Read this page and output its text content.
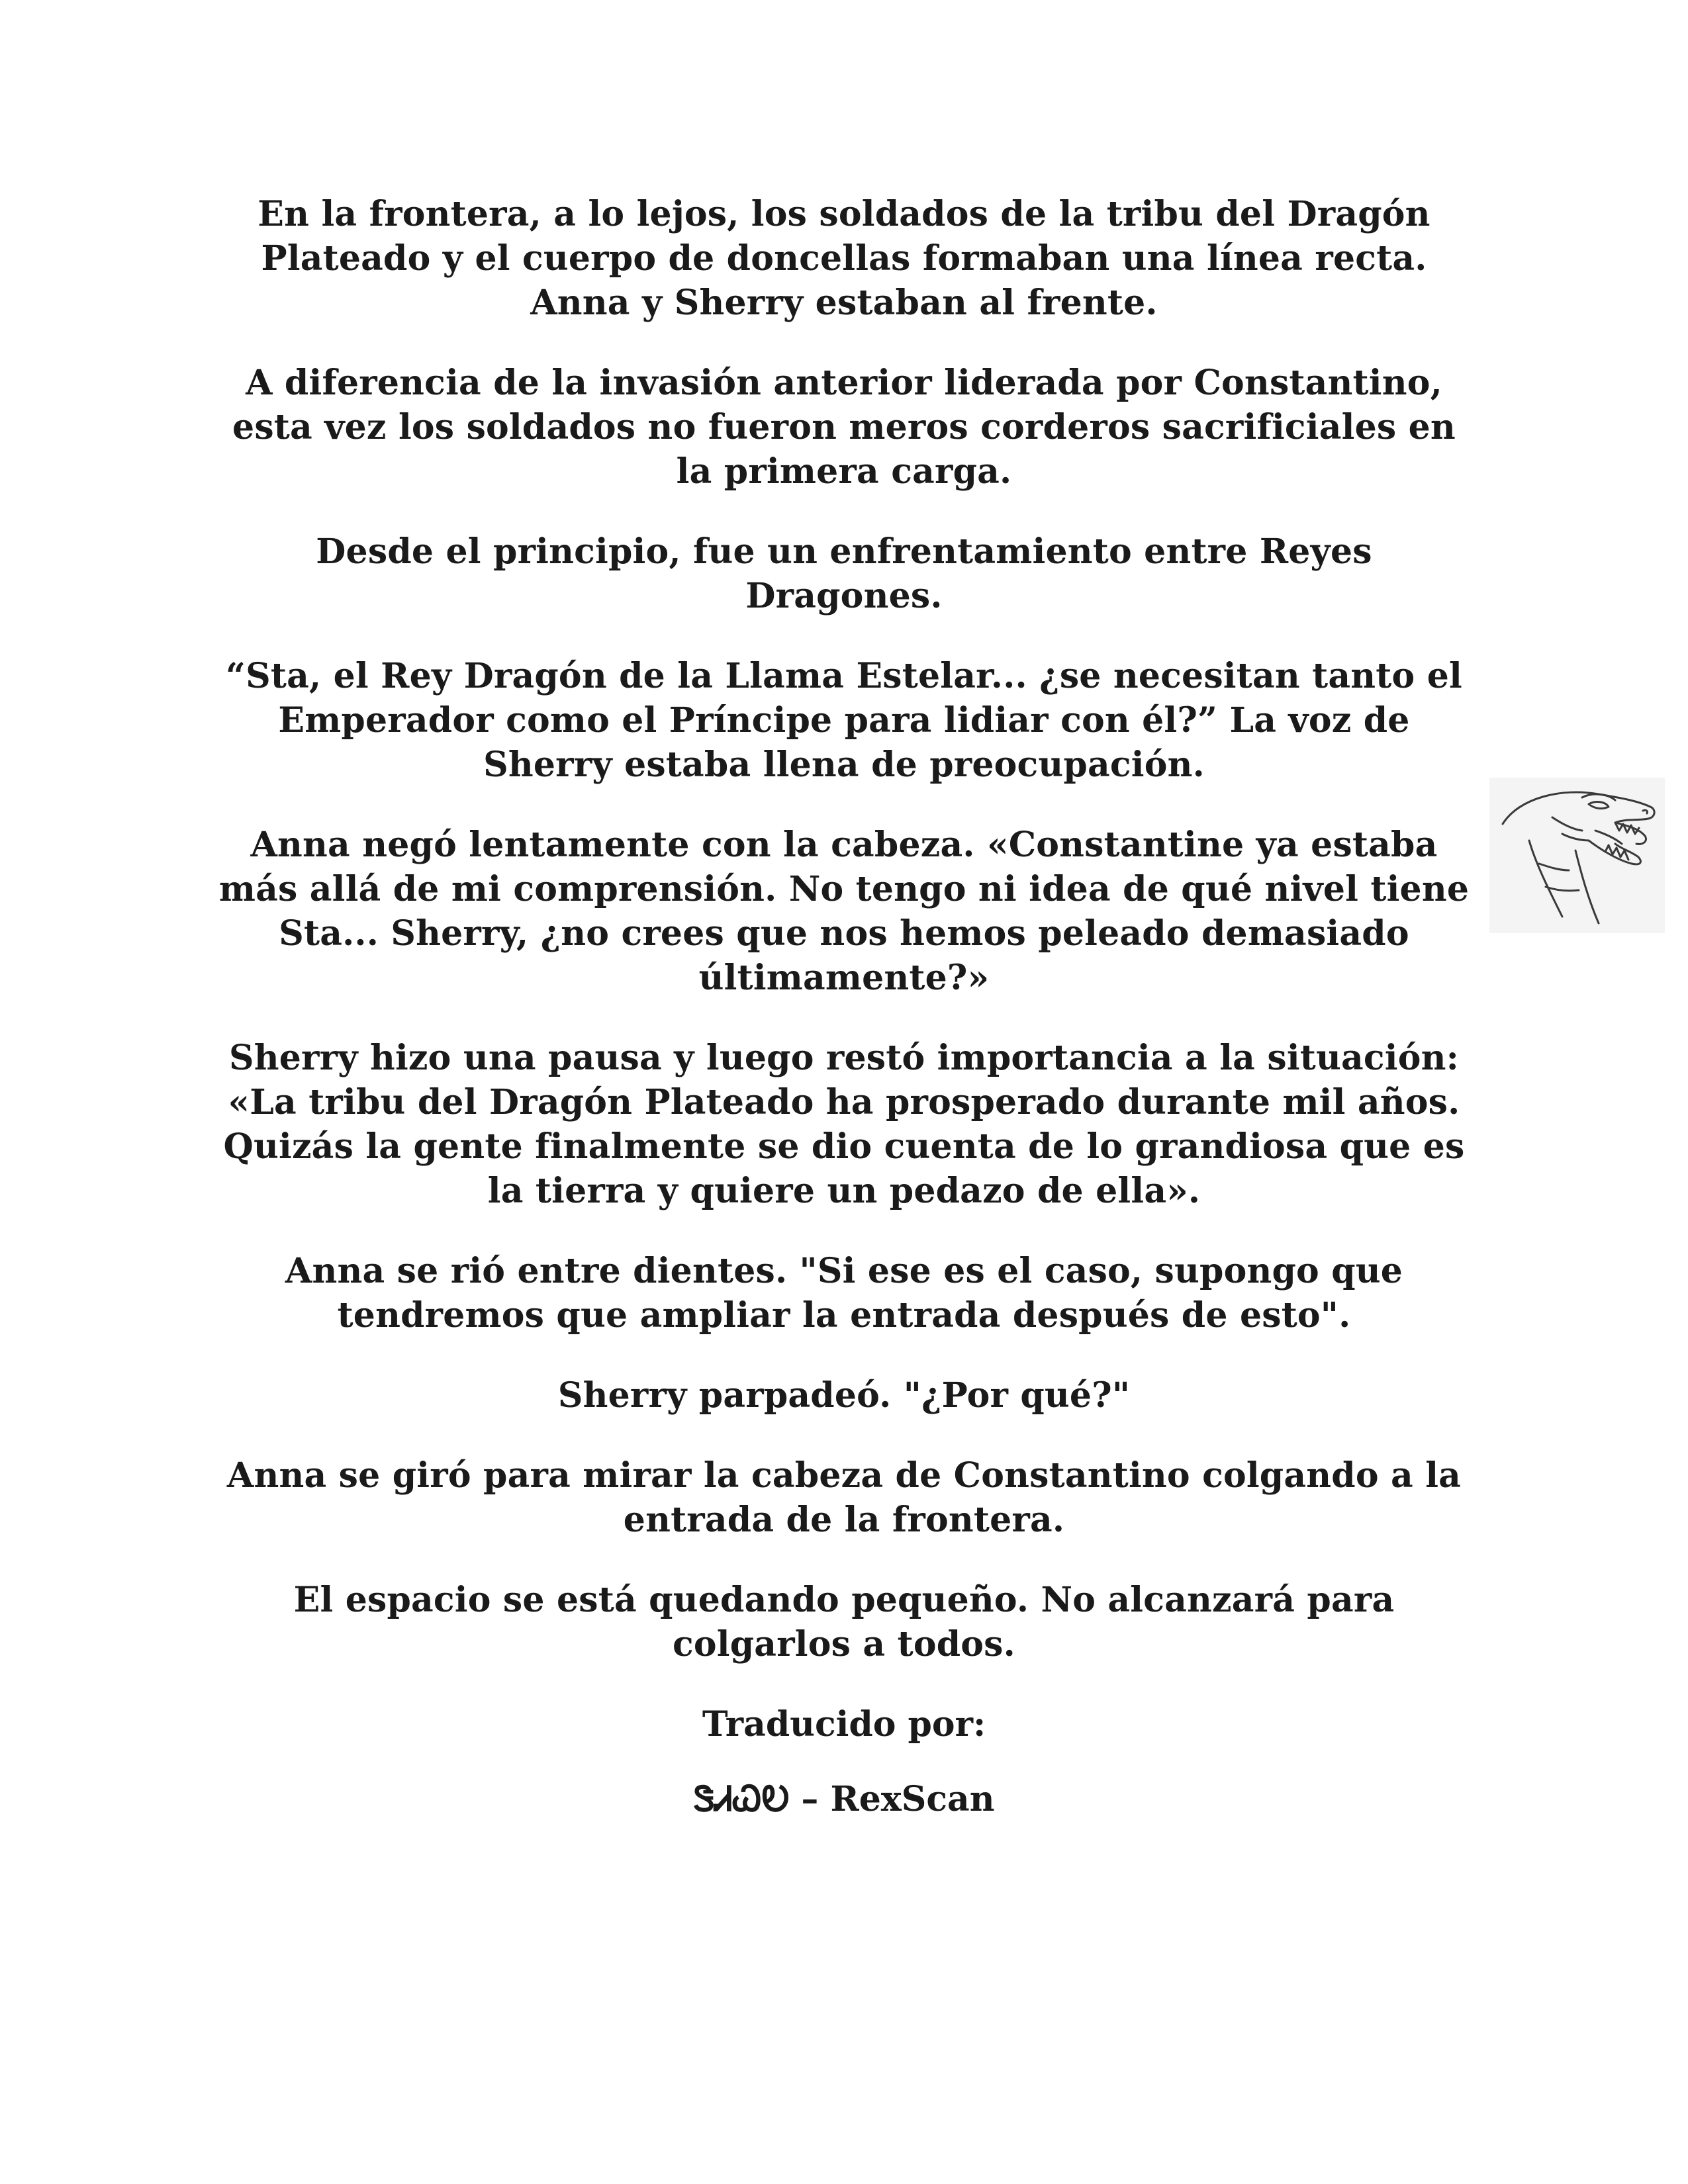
En la frontera, a lo lejos, los soldados de la tribu del Dragón Plateado y el cuerpo de doncellas formaban una línea recta. Anna y Sherry estaban al frente.

A diferencia de la invasión anterior liderada por Constantino, esta vez los soldados no fueron meros corderos sacrificiales en la primera carga.

Desde el principio, fue un enfrentamiento entre Reyes Dragones.

“Sta, el Rey Dragón de la Llama Estelar... ¿se necesitan tanto el Emperador como el Príncipe para lidiar con él?” La voz de Sherry estaba llena de preocupación.

Anna negó lentamente con la cabeza. «Constantine ya estaba más allá de mi comprensión. No tengo ni idea de qué nivel tiene Sta... Sherry, ¿no crees que nos hemos peleado demasiado últimamente?»

Sherry hizo una pausa y luego restó importancia a la situación: «La tribu del Dragón Plateado ha prosperado durante mil años. Quizás la gente finalmente se dio cuenta de lo grandiosa que es la tierra y quiere un pedazo de ella».

Anna se rió entre dientes. "Si ese es el caso, supongo que tendremos que ampliar la entrada después de esto".

Sherry parpadeó. "¿Por qué?"

Anna se giró para mirar la cabeza de Constantino colgando a la entrada de la frontera.

El espacio se está quedando pequeño. No alcanzará para colgarlos a todos.

Traducido por:

ᏕᏗᏇᎧ – RexScan
